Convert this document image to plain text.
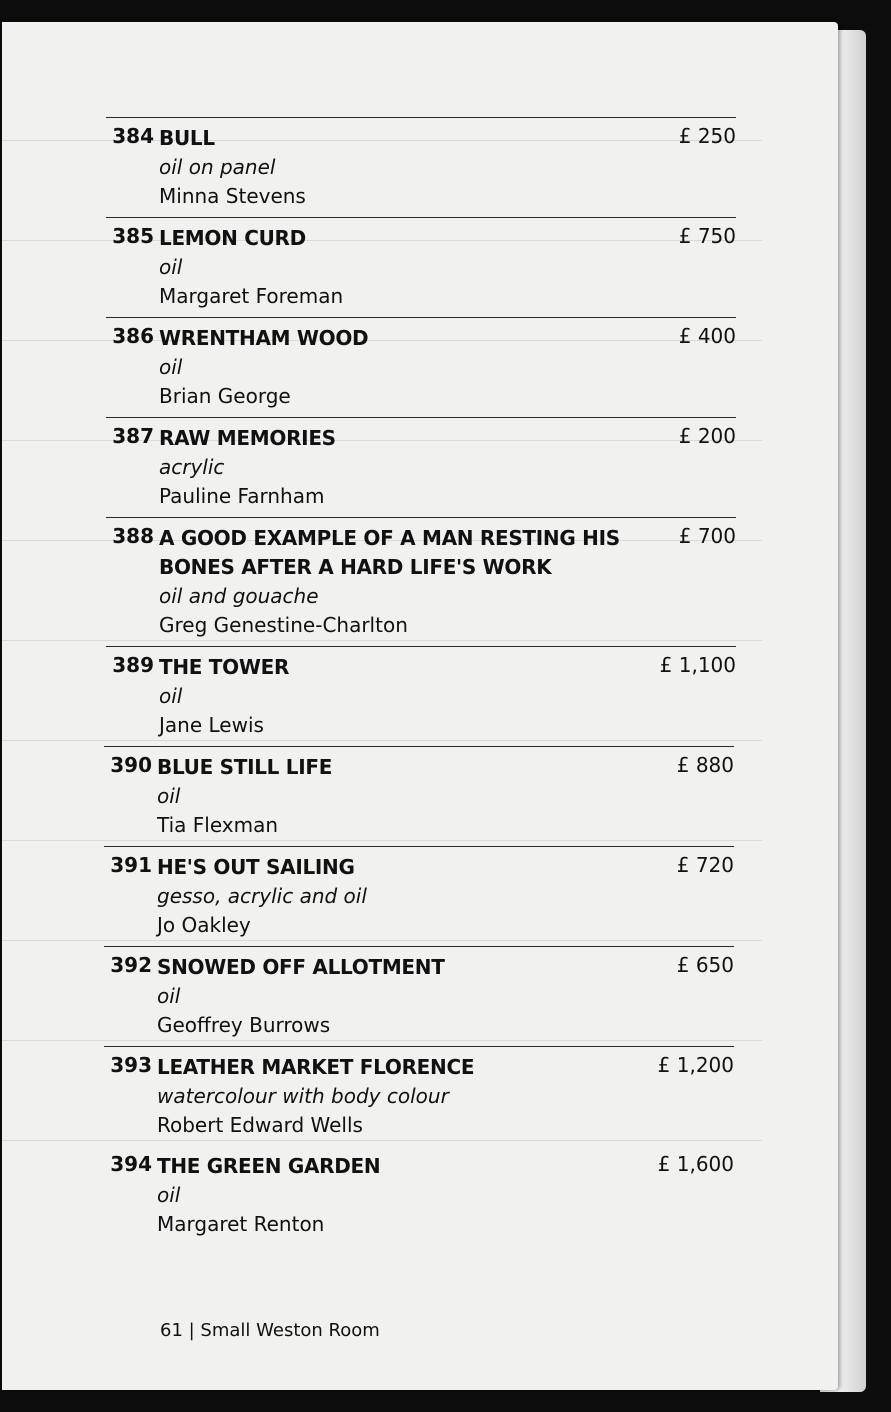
384 BULL
oil on panel
Minna Stevens
£ 250
385 LEMON CURD
oil
Margaret Foreman
£ 750
386 WRENTHAM WOOD
oil
Brian George
£ 400
387 RAW MEMORIES
acrylic
Pauline Farnham
£ 200
388 A GOOD EXAMPLE OF A MAN RESTING HIS BONES AFTER A HARD LIFE'S WORK
oil and gouache
Greg Genestine-Charlton
£ 700
389 THE TOWER
oil
Jane Lewis
£ 1,100
390 BLUE STILL LIFE
oil
Tia Flexman
£ 880
391 HE'S OUT SAILING
gesso, acrylic and oil
Jo Oakley
£ 720
392 SNOWED OFF ALLOTMENT
oil
Geoffrey Burrows
£ 650
393 LEATHER MARKET FLORENCE
watercolour with body colour
Robert Edward Wells
£ 1,200
394 THE GREEN GARDEN
oil
Margaret Renton
£ 1,600
61 | Small Weston Room
